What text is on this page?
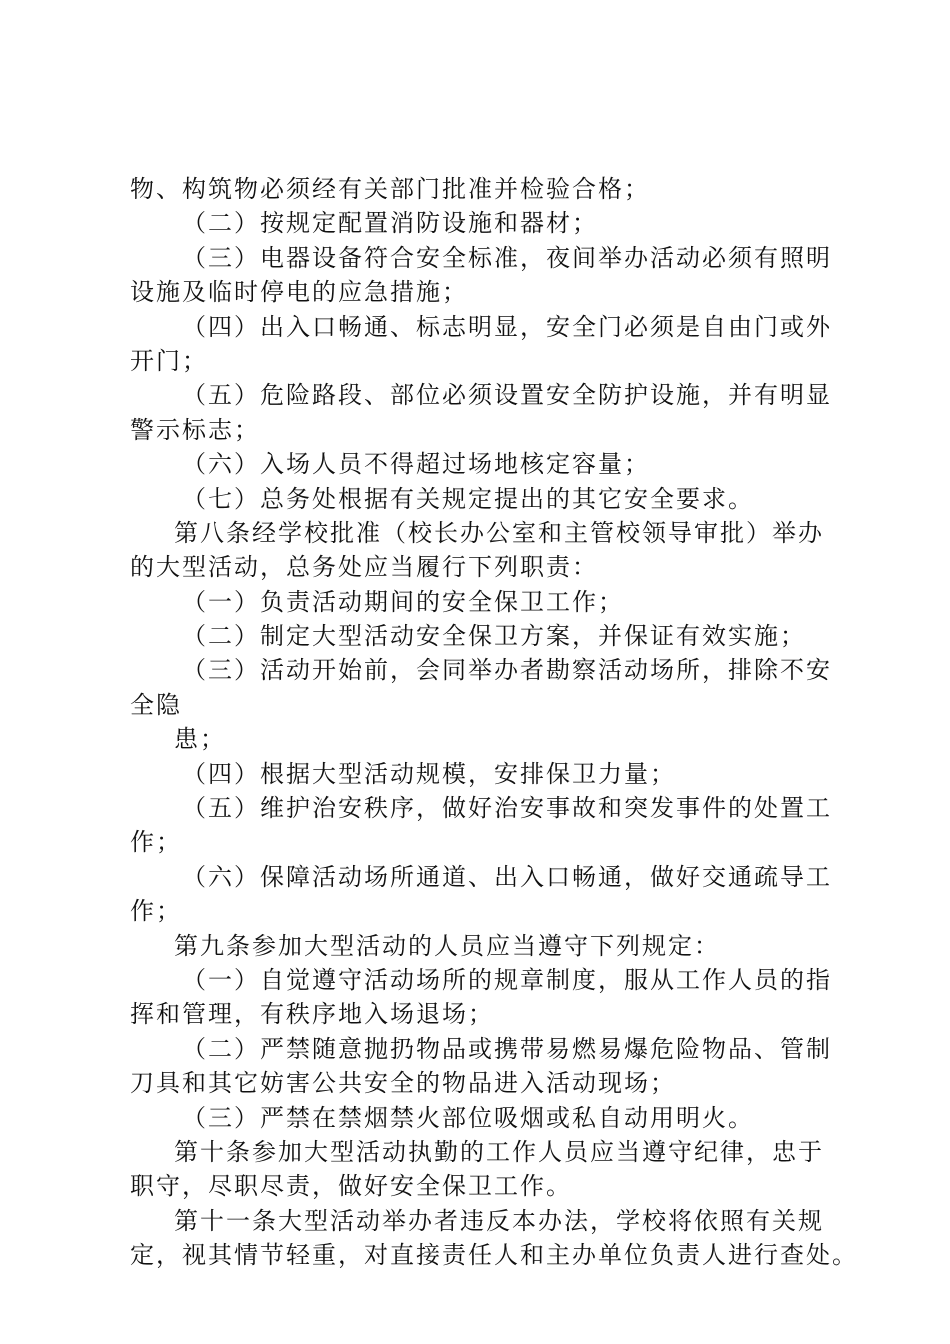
物、构筑物必须经有关部门批准并检验合格；
（二）按规定配置消防设施和器材；
（三）电器设备符合安全标准，夜间举办活动必须有照明
设施及临时停电的应急措施；
（四）出入口畅通、标志明显，安全门必须是自由门或外
开门；
（五）危险路段、部位必须设置安全防护设施，并有明显
警示标志；
（六）入场人员不得超过场地核定容量；
（七）总务处根据有关规定提出的其它安全要求。
第八条经学校批准（校长办公室和主管校领导审批）举办
的大型活动，总务处应当履行下列职责：
（一）负责活动期间的安全保卫工作；
（二）制定大型活动安全保卫方案，并保证有效实施；
（三）活动开始前，会同举办者勘察活动场所，排除不安
全隐
患；
（四）根据大型活动规模，安排保卫力量；
（五）维护治安秩序，做好治安事故和突发事件的处置工
作；
（六）保障活动场所通道、出入口畅通，做好交通疏导工
作；
第九条参加大型活动的人员应当遵守下列规定：
（一）自觉遵守活动场所的规章制度，服从工作人员的指
挥和管理，有秩序地入场退场；
（二）严禁随意抛扔物品或携带易燃易爆危险物品、管制
刀具和其它妨害公共安全的物品进入活动现场；
（三）严禁在禁烟禁火部位吸烟或私自动用明火。
第十条参加大型活动执勤的工作人员应当遵守纪律，忠于
职守，尽职尽责，做好安全保卫工作。
第十一条大型活动举办者违反本办法，学校将依照有关规
定，视其情节轻重，对直接责任人和主办单位负责人进行查处。
